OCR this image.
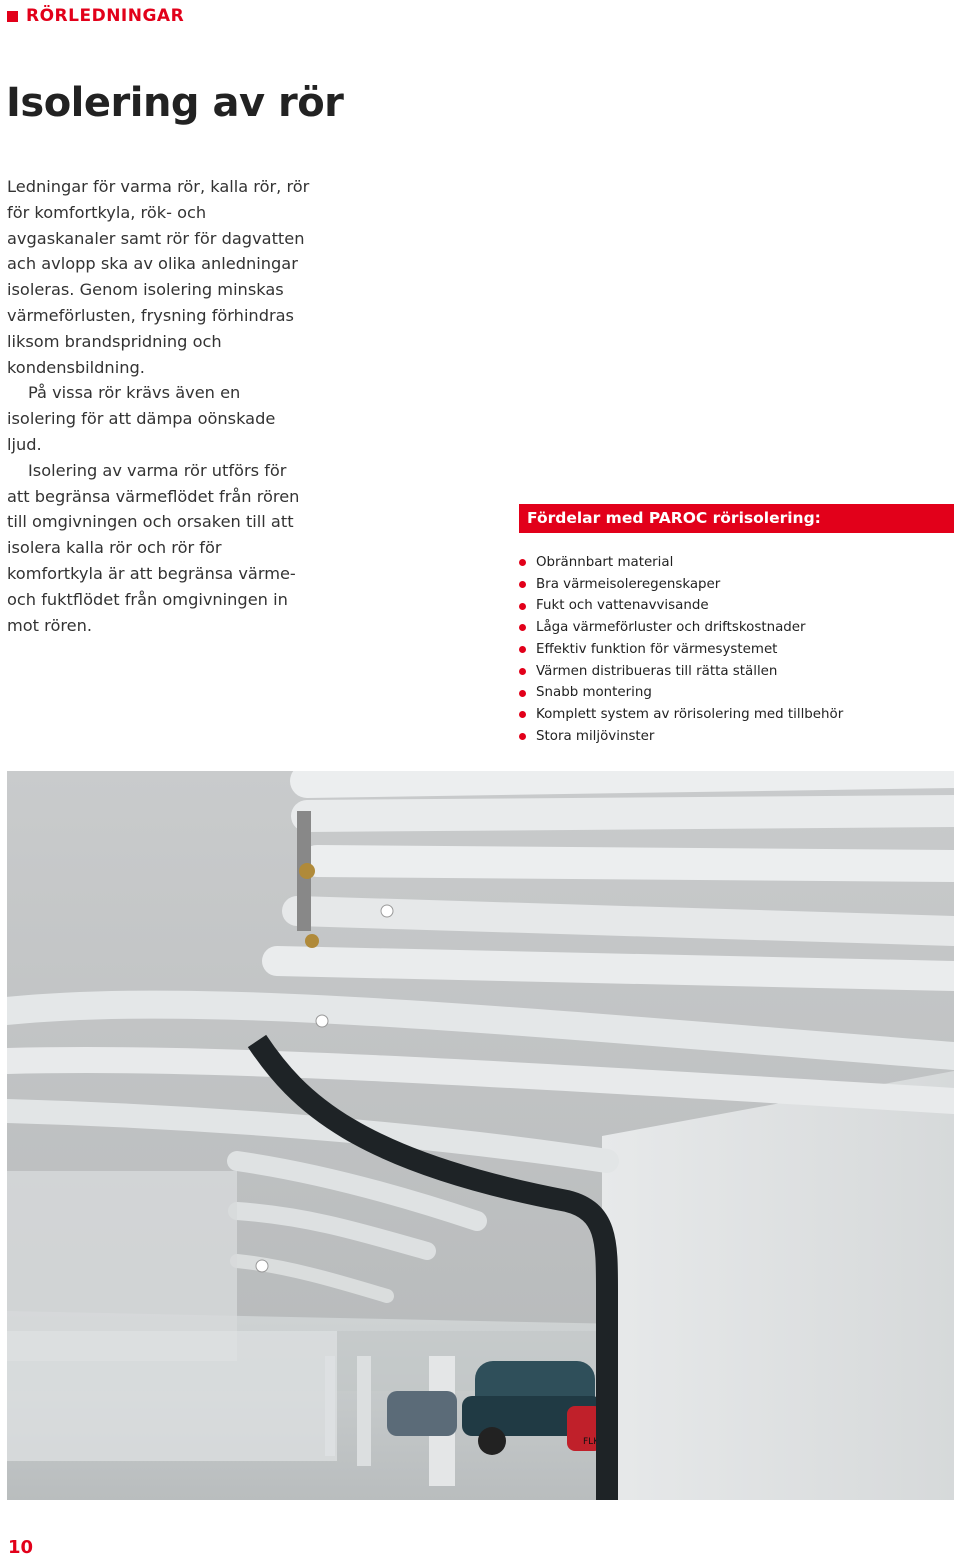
RÖRLEDNINGAR
Isolering av rör

Ledningar för varma rör, kalla rör, rör för komfortkyla, rök- och avgaskanaler samt rör för dagvatten ach avlopp ska av olika anledningar isoleras. Genom isolering minskas värmeförlusten, frysning förhindras liksom brandspridning och kondensbildning.

På vissa rör krävs även en isolering för att dämpa oönskade ljud.

Isolering av varma rör utförs för att begränsa värmeflödet från rören till omgivningen och orsaken till att isolera kalla rör och rör för komfortkyla är att begränsa värme- och fuktflödet från omgivningen in mot rören.

Fördelar med PAROC rörisolering:
Obrännbart material
Bra värmeisoleregenskaper
Fukt och vattenavvisande
Låga värmeförluster och driftskostnader
Effektiv funktion för värmesystemet
Värmen distribueras till rätta ställen
Snabb montering
Komplett system av rörisolering med tillbehör
Stora miljövinster
FLK
10
